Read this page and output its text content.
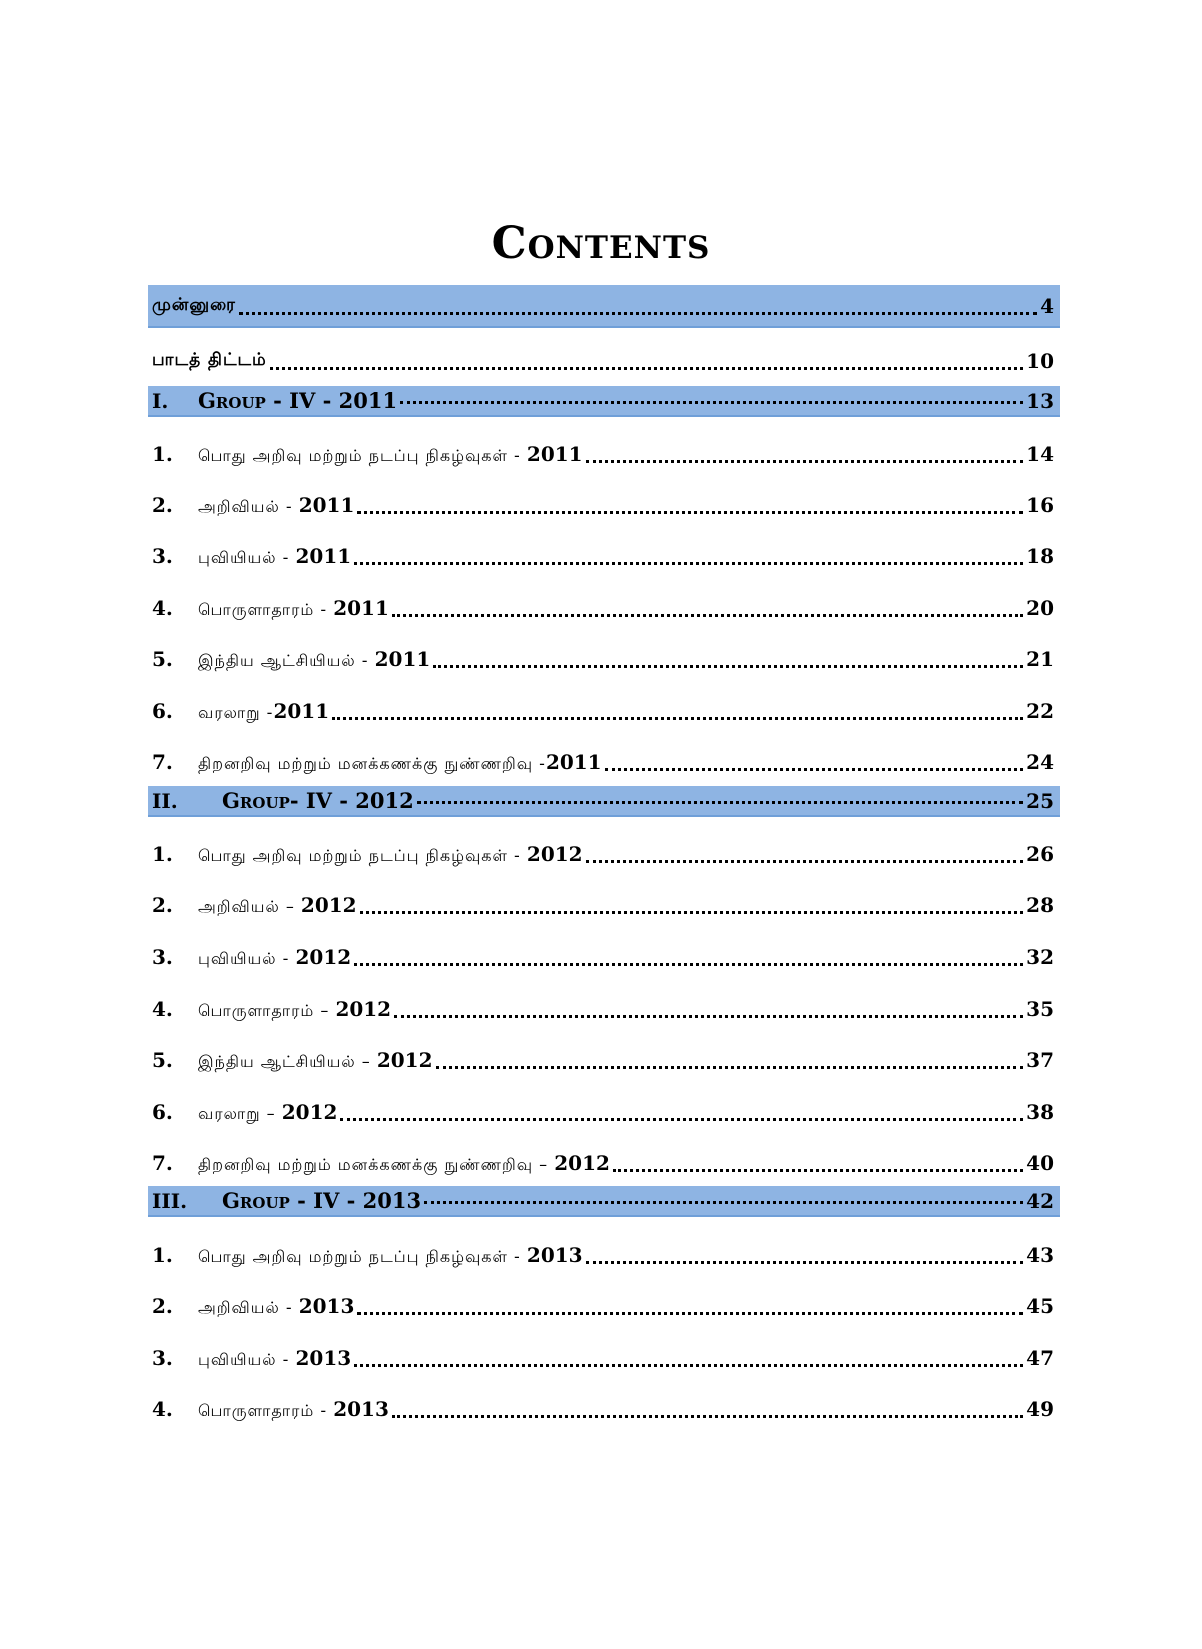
Contents
முன்னுரை	4
பாடத் திட்டம்	10
I.	Group - IV - 2011	13
1.	பொது அறிவு மற்றும் நடப்பு நிகழ்வுகள் - 2011	14
2.	அறிவியல் - 2011	16
3.	புவியியல் - 2011	18
4.	பொருளாதாரம் - 2011	20
5.	இந்திய ஆட்சியியல் - 2011	21
6.	வரலாறு -2011	22
7.	திறனறிவு மற்றும் மனக்கணக்கு நுண்ணறிவு -2011	24
II.	Group- IV - 2012	25
1.	பொது அறிவு மற்றும் நடப்பு நிகழ்வுகள் - 2012	26
2.	அறிவியல் – 2012	28
3.	புவியியல் - 2012	32
4.	பொருளாதாரம் – 2012	35
5.	இந்திய ஆட்சியியல் – 2012	37
6.	வரலாறு – 2012	38
7.	திறனறிவு மற்றும் மனக்கணக்கு நுண்ணறிவு – 2012	40
III.	Group - IV - 2013	42
1.	பொது அறிவு மற்றும் நடப்பு நிகழ்வுகள் - 2013	43
2.	அறிவியல் - 2013	45
3.	புவியியல் - 2013	47
4.	பொருளாதாரம் - 2013	49
